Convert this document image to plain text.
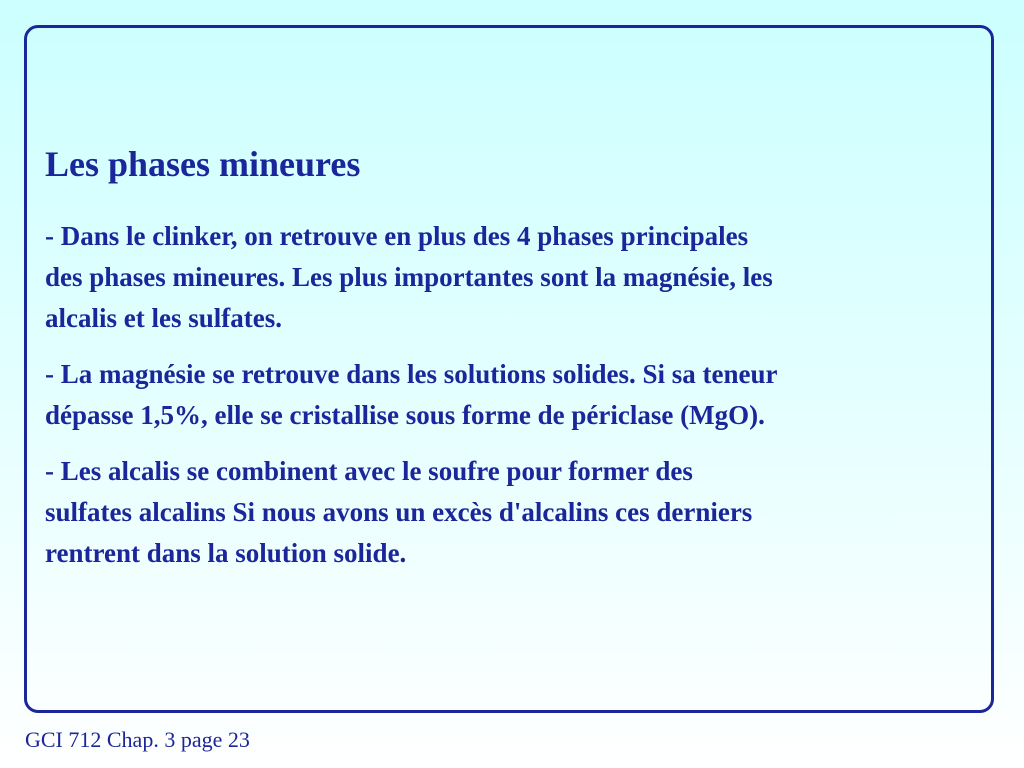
Les phases mineures

- Dans le clinker, on retrouve en plus des 4 phases principales
des phases mineures. Les plus importantes sont la magnésie, les
alcalis et les sulfates.

- La magnésie se retrouve dans les solutions solides. Si sa teneur
dépasse 1,5%, elle se cristallise sous forme de périclase (MgO).

- Les alcalis se combinent avec le soufre pour former des
sulfates alcalins Si nous avons un excès d'alcalins ces derniers
rentrent dans la solution solide.

GCI 712 Chap. 3 page 23
